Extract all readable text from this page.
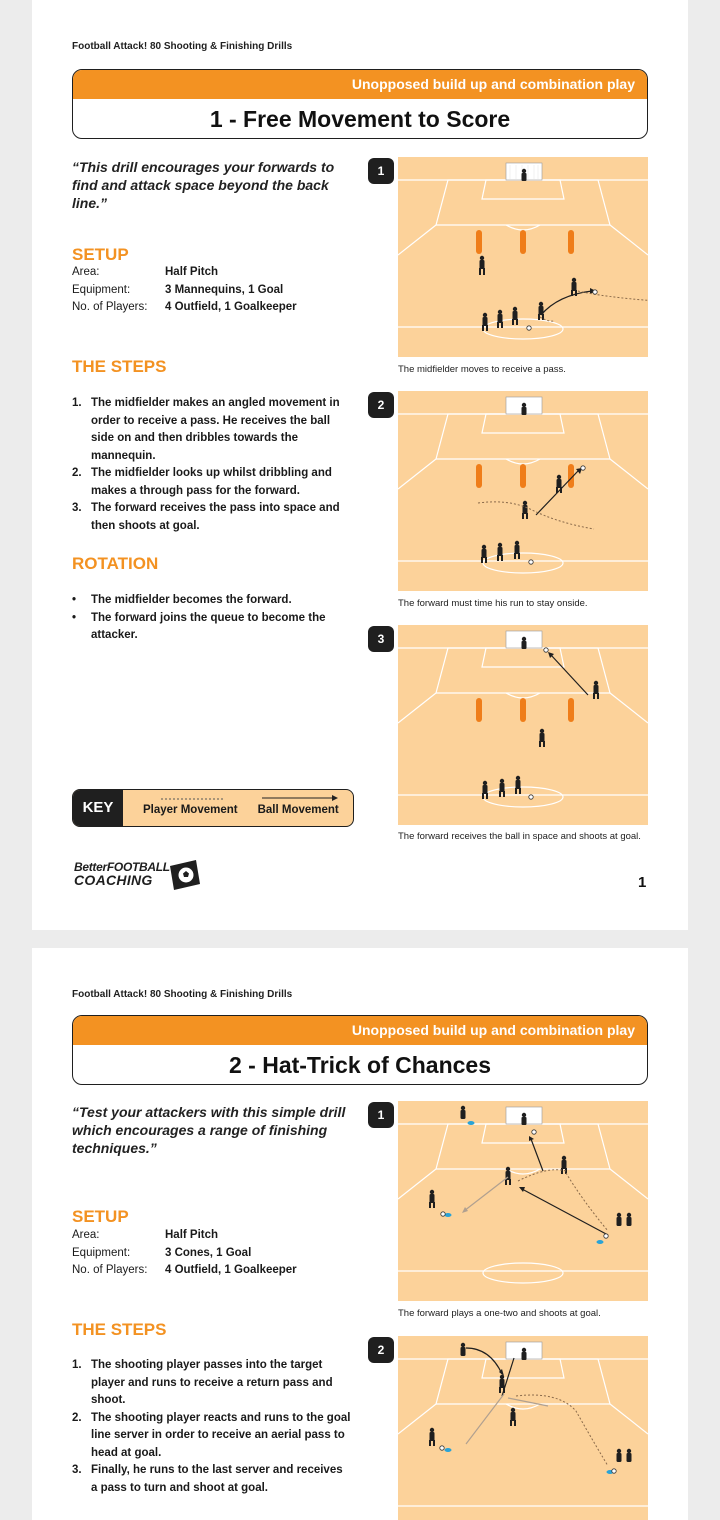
Football Attack! 80 Shooting & Finishing Drills
Unopposed build up and combination play
1 - Free Movement to Score
“This drill encourages your forwards to find and attack space beyond the back line.”
SETUP
Area:	Half Pitch
Equipment:	3 Mannequins, 1 Goal
No. of Players:	4 Outfield, 1 Goalkeeper
THE STEPS
1. The midfielder makes an angled movement in order to receive a pass. He receives the ball side on and then dribbles towards the mannequin.
2. The midfielder looks up whilst dribbling and makes a through pass for the forward.
3. The forward receives the pass into space and then shoots at goal.
ROTATION
•	The midfielder becomes the forward.
•	The forward joins the queue to become the attacker.
KEY	Player Movement Ball Movement
BetterFOOTBALL
COACHING	1
1
The midfielder moves to receive a pass.
2
The forward must time his run to stay onside.
3
The forward receives the ball in space and shoots at goal.
Football Attack! 80 Shooting & Finishing Drills
Unopposed build up and combination play
2 - Hat-Trick of Chances
“Test your attackers with this simple drill which encourages a range of finishing techniques.”
SETUP
Area:	Half Pitch
Equipment:	3 Cones, 1 Goal
No. of Players:	4 Outfield, 1 Goalkeeper
THE STEPS
1. The shooting player passes into the target player and runs to receive a return pass and shoot.
2. The shooting player reacts and runs to the goal line server in order to receive an aerial pass to head at goal.
3. Finally, he runs to the last server and receives a pass to turn and shoot at goal.
1
The forward plays a one-two and shoots at goal.
2
